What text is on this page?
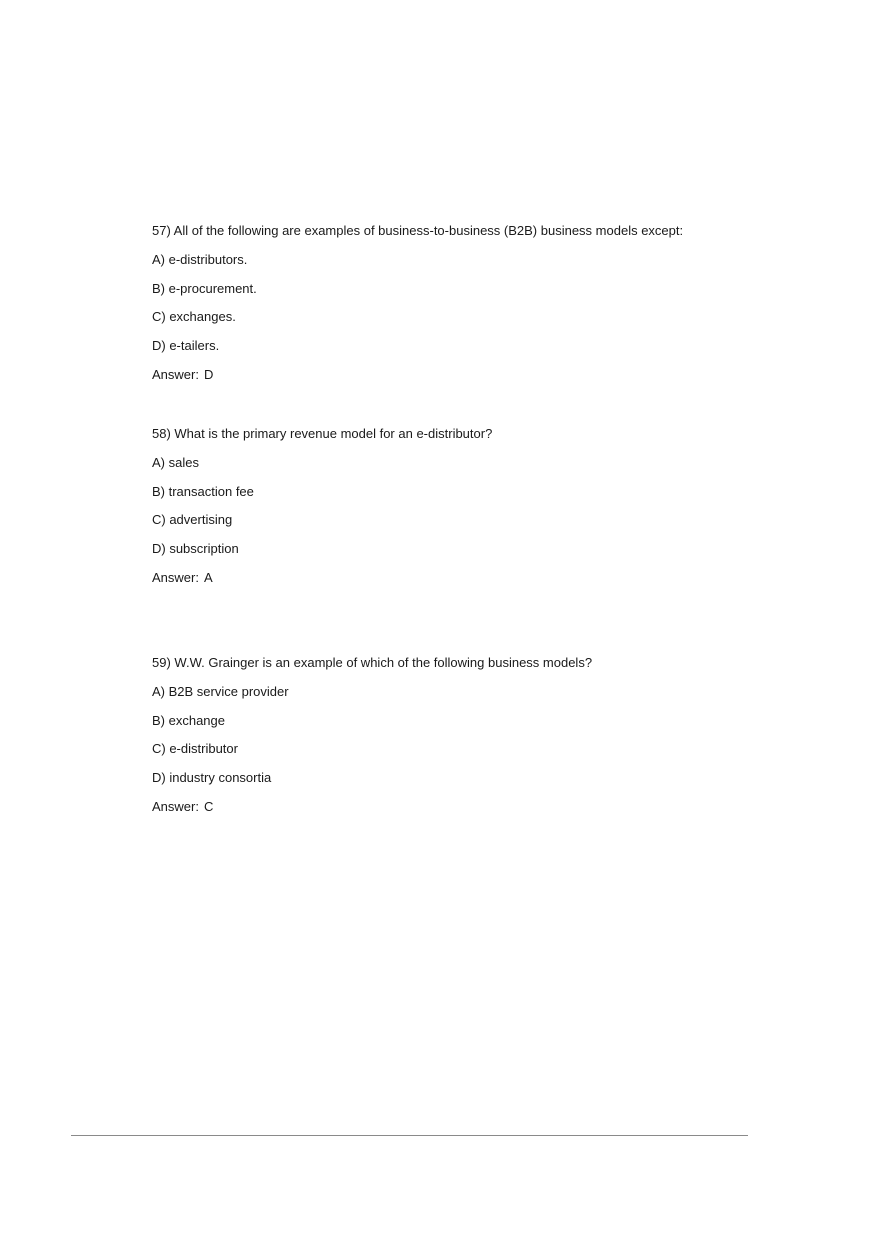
57) All of the following are examples of business-to-business (B2B) business models except:
A) e-distributors.
B) e-procurement.
C) exchanges.
D) e-tailers.
Answer: D
58) What is the primary revenue model for an e-distributor?
A) sales
B) transaction fee
C) advertising
D) subscription
Answer: A
59) W.W. Grainger is an example of which of the following business models?
A) B2B service provider
B) exchange
C) e-distributor
D) industry consortia
Answer: C
